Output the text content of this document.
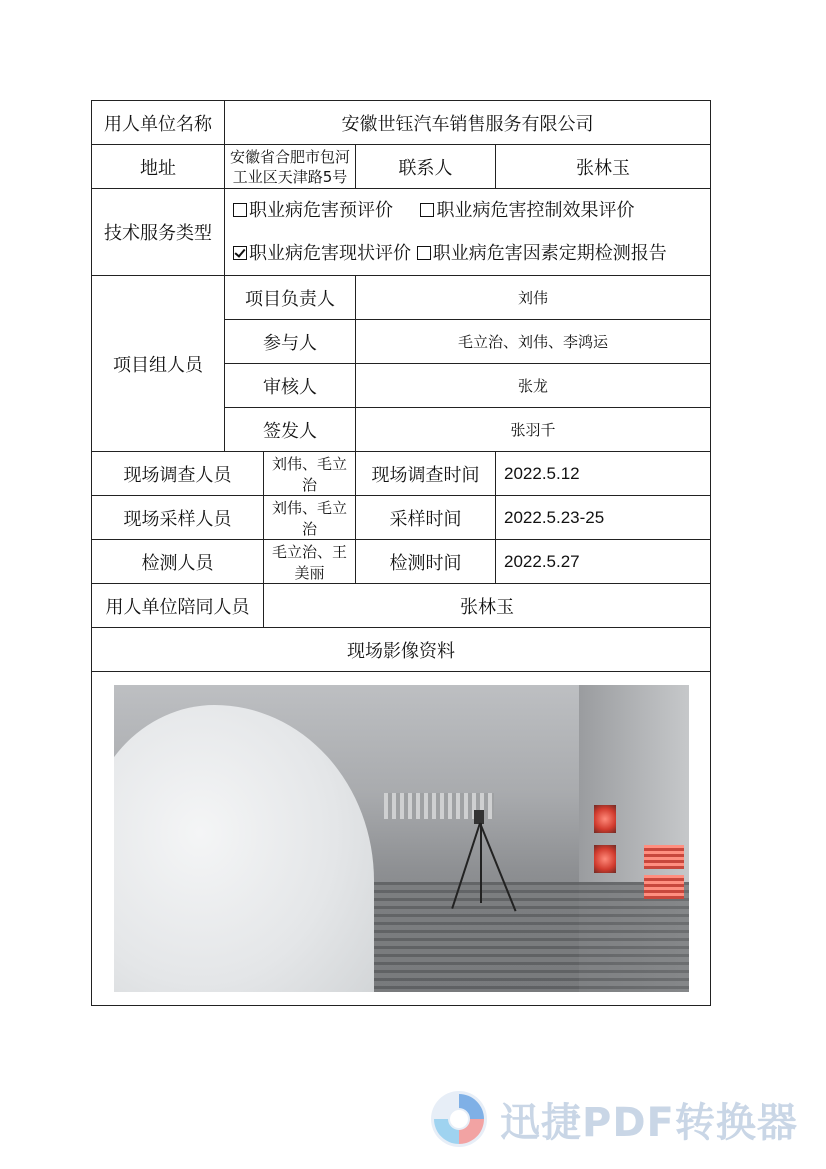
用人单位名称	安徽世钰汽车销售服务有限公司			
地址	安徽省合肥市包河工业区天津路5号		联系人	张林玉
技术服务类型	职业病危害预评价 职业病危害控制效果评价
职业病危害现状评价 职业病危害因素定期检测报告			

项目组人员	项目负责人		刘伟	
	参与人		毛立治、刘伟、李鸿运	
	审核人		张龙	
	签发人		张羽千	
现场调查人员		刘伟、毛立治	现场调查时间	2022.5.12
现场采样人员		刘伟、毛立治	采样时间	2022.5.23-25
检测人员		毛立治、王美丽	检测时间	2022.5.27
用人单位陪同人员		张林玉		
现场影像资料				

迅捷PDF转换器
